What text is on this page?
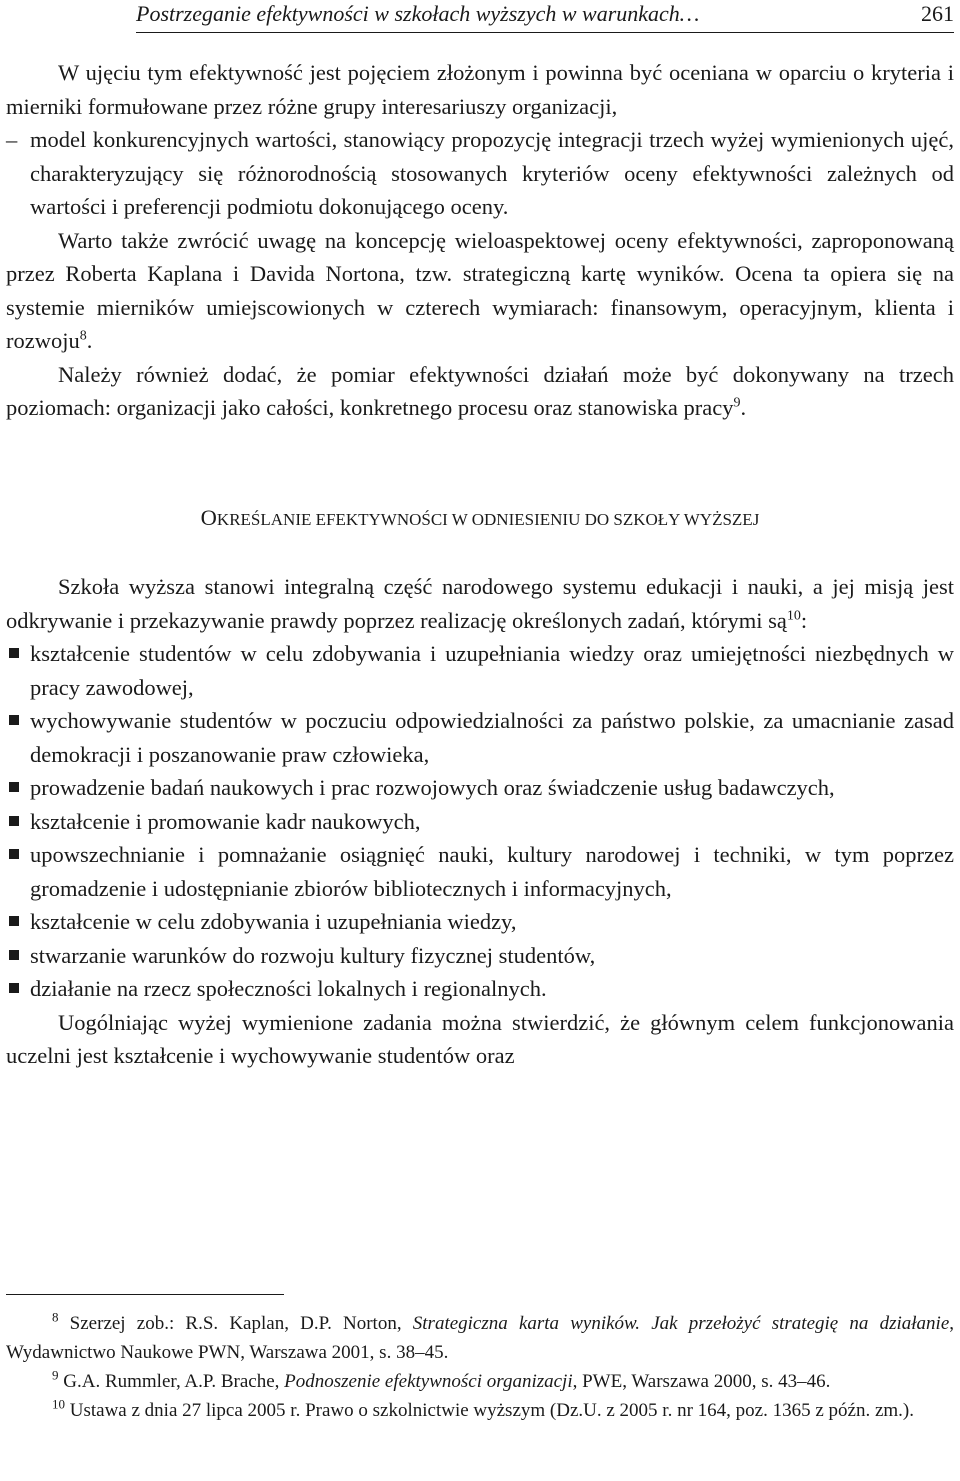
Postrzeganie efektywności w szkołach wyższych w warunkach…	261

W ujęciu tym efektywność jest pojęciem złożonym i powinna być oceniana w oparciu o kryteria i mierniki formułowane przez różne grupy interesariuszy organizacji,

– model konkurencyjnych wartości, stanowiący propozycję integracji trzech wyżej wymienionych ujęć, charakteryzujący się różnorodnością stosowanych kryteriów oceny efektywności zależnych od wartości i preferencji podmiotu dokonującego oceny.

Warto także zwrócić uwagę na koncepcję wieloaspektowej oceny efektywności, zaproponowaną przez Roberta Kaplana i Davida Nortona, tzw. strategiczną kartę wyników. Ocena ta opiera się na systemie mierników umiejscowionych w czterech wymiarach: finansowym, operacyjnym, klienta i rozwoju$^8$.

Należy również dodać, że pomiar efektywności działań może być dokonywany na trzech poziomach: organizacji jako całości, konkretnego procesu oraz stanowiska pracy$^9$.

OKREŚLANIE EFEKTYWNOŚCI W ODNIESIENIU DO SZKOŁY WYŻSZEJ

Szkoła wyższa stanowi integralną część narodowego systemu edukacji i nauki, a jej misją jest odkrywanie i przekazywanie prawdy poprzez realizację określonych zadań, którymi $są^{10}$:

kształcenie studentów w celu zdobywania i uzupełniania wiedzy oraz umiejętności niezbędnych w pracy zawodowej,
wychowywanie studentów w poczuciu odpowiedzialności za państwo polskie, za umacnianie zasad demokracji i poszanowanie praw człowieka,
prowadzenie badań naukowych i prac rozwojowych oraz świadczenie usług badawczych,
kształcenie i promowanie kadr naukowych,
upowszechnianie i pomnażanie osiągnięć nauki, kultury narodowej i techniki, w tym poprzez gromadzenie i udostępnianie zbiorów bibliotecznych i informacyjnych,
kształcenie w celu zdobywania i uzupełniania wiedzy,
stwarzanie warunków do rozwoju kultury fizycznej studentów,
działanie na rzecz społeczności lokalnych i regionalnych.

Uogólniając wyżej wymienione zadania można stwierdzić, że głównym celem funkcjonowania uczelni jest kształcenie i wychowywanie studentów oraz

$^8$ Szerzej zob.: R.S. Kaplan, D.P. Norton, Strategiczna karta wyników. Jak przełożyć strategię na działanie, Wydawnictwo Naukowe PWN, Warszawa 2001, s. 38–45.

$^9$ G.A. Rummler, A.P. Brache, Podnoszenie efektywności organizacji, PWE, Warszawa 2000, s. 43–46.

$^{10}$ Ustawa z dnia 27 lipca 2005 r. Prawo o szkolnictwie wyższym (Dz.U. z 2005 r. nr 164, poz. 1365 z późn. zm.).
